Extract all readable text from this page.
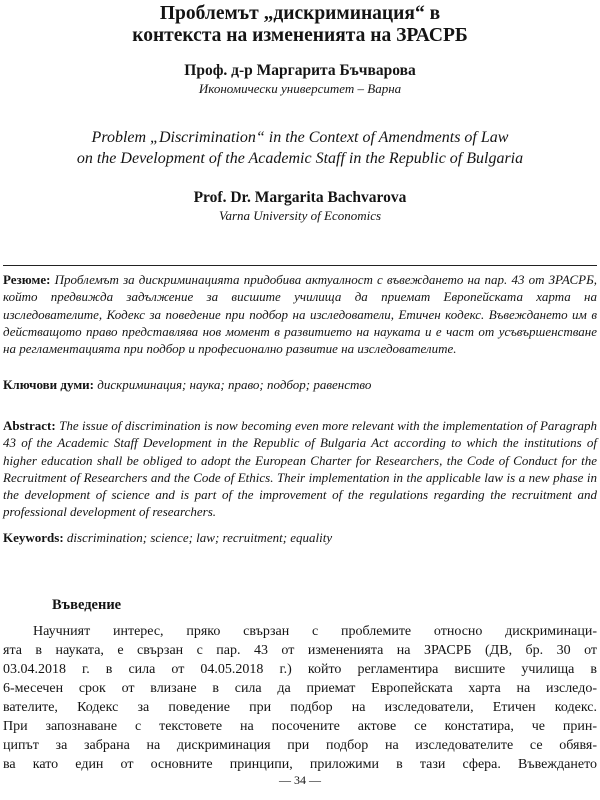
Проблемът „дискриминация“ в
контекста на измененията на ЗРАСРБ
Проф. д-р Маргарита Бъчварова
Икономически университет – Варна
Problem „Discrimination“ in the Context of Amendments of Law
on the Development of the Academic Staff in the Republic of Bulgaria
Prof. Dr. Margarita Bachvarova
Varna University of Economics
Резюме: Проблемът за дискриминацията придобива актуалност с въвеждането на пар. 43 от ЗРАСРБ, който предвижда задължение за висшите училища да приемат Европейската харта на изследователите, Кодекс за поведение при подбор на изследователи, Етичен кодекс. Въвеждането им в действащото право представлява нов момент в развитието на науката и е част от усъвършенстване на регламентацията при подбор и професионално развитие на изследователите.
Ключови думи: дискриминация; наука; право; подбор; равенство
Abstract: The issue of discrimination is now becoming even more relevant with the implementation of Paragraph 43 of the Academic Staff Development in the Republic of Bulgaria Act according to which the institutions of higher education shall be obliged to adopt the European Charter for Researchers, the Code of Conduct for the Recruitment of Researchers and the Code of Ethics. Their implementation in the applicable law is a new phase in the development of science and is part of the improvement of the regulations regarding the recruitment and professional development of researchers.
Keywords: discrimination; science; law; recruitment; equality
Въведение
Научният интерес, пряко свързан с проблемите относно дискриминаци-
ята в науката, е свързан с пар. 43 от измененията на ЗРАСРБ (ДВ, бр. 30 от
03.04.2018 г. в сила от 04.05.2018 г.) който регламентира висшите училища в
6-месечен срок от влизане в сила да приемат Европейската харта на изследо-
вателите, Кодекс за поведение при подбор на изследователи, Етичен кодекс.
При запознаване с текстовете на посочените актове се констатира, че прин-
ципът за забрана на дискриминация при подбор на изследователите се обявя-
ва като един от основните принципи, приложими в тази сфера. Въвеждането
— 34 —
